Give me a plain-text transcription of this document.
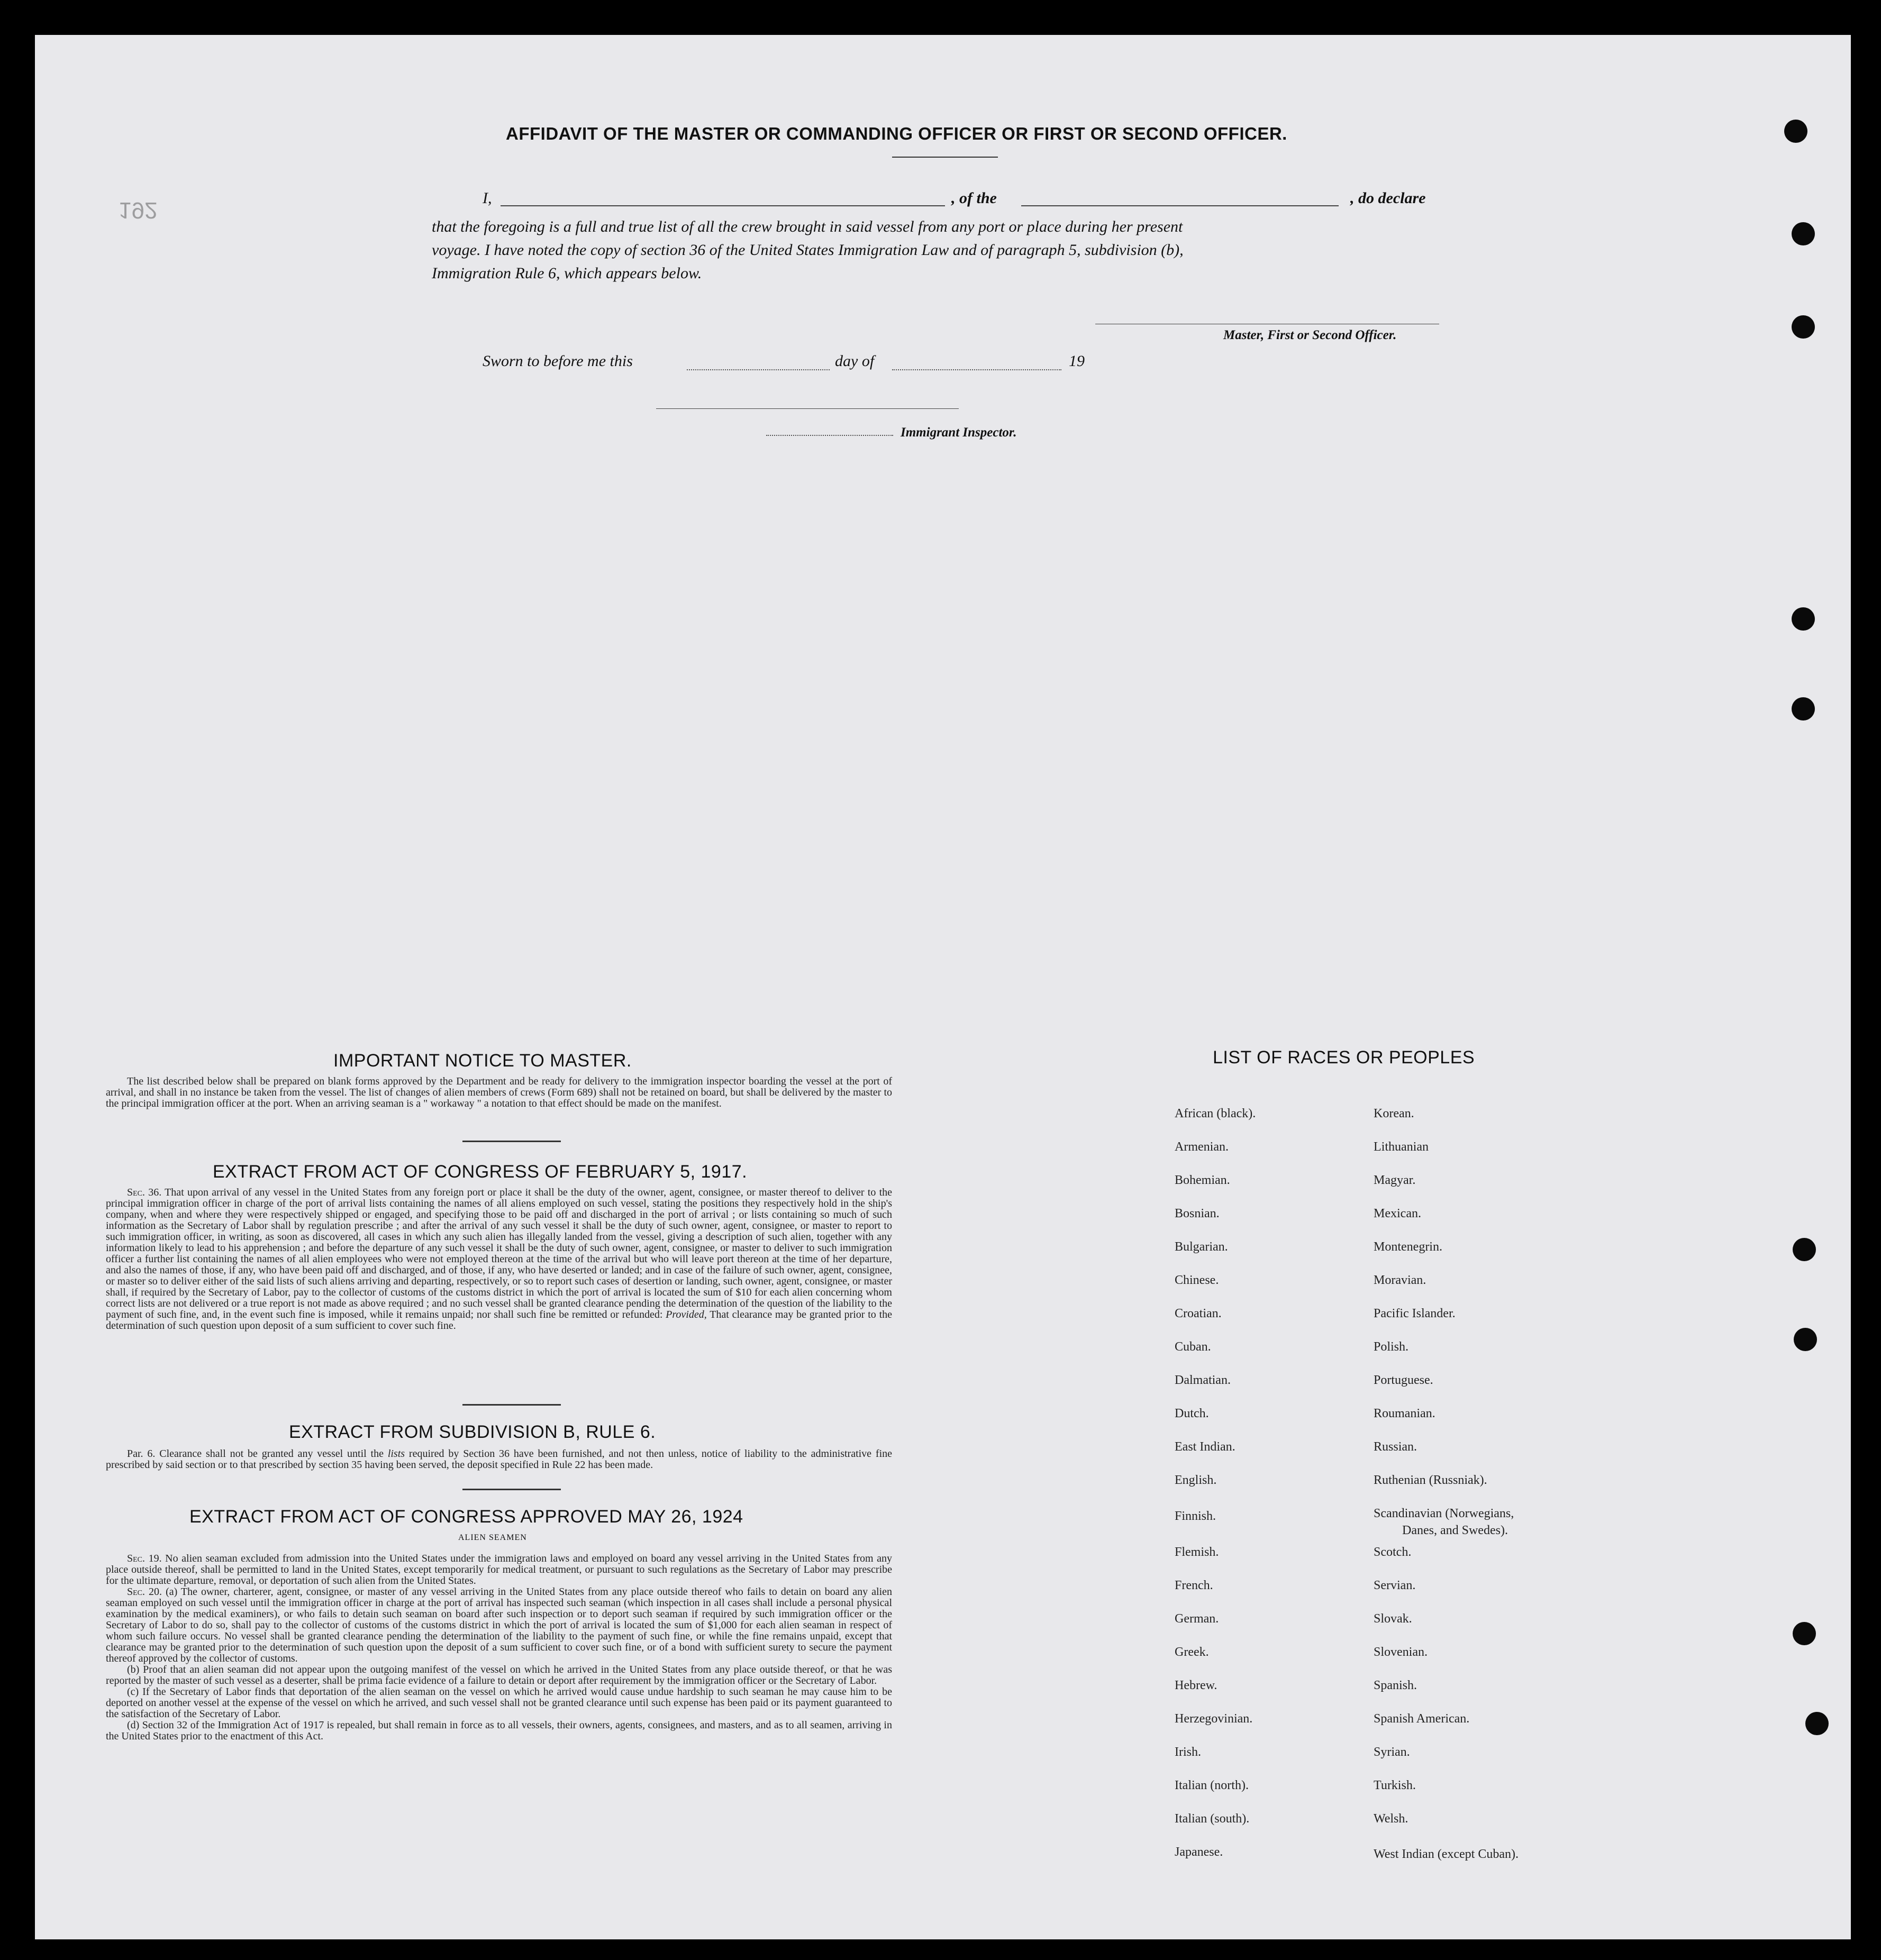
192
AFFIDAVIT OF THE MASTER OR COMMANDING OFFICER OR FIRST OR SECOND OFFICER.
I,	, of the	, do declare
that the foregoing is a full and true list of all the crew brought in said vessel from any port or place during her present
voyage. I have noted the copy of section 36 of the United States Immigration Law and of paragraph 5, subdivision (b),
Immigration Rule 6, which appears below.
Master, First or Second Officer.
Sworn to before me this	day of	19
Immigrant Inspector.
IMPORTANT NOTICE TO MASTER.
The list described below shall be prepared on blank forms approved by the Department and be ready for delivery to the immigration inspector boarding the vessel at the port of arrival, and shall in no instance be taken from the vessel. The list of changes of alien members of crews (Form 689) shall not be retained on board, but shall be delivered by the master to the principal immigration officer at the port. When an arriving seaman is a " workaway " a notation to that effect should be made on the manifest.
EXTRACT FROM ACT OF CONGRESS OF FEBRUARY 5, 1917.

Sec. 36. That upon arrival of any vessel in the United States from any foreign port or place it shall be the duty of the owner, agent, consignee, or master thereof to deliver to the principal immigration officer in charge of the port of arrival lists containing the names of all aliens employed on such vessel, stating the positions they respectively hold in the ship's company, when and where they were respectively shipped or engaged, and specifying those to be paid off and discharged in the port of arrival ; or lists containing so much of such information as the Secretary of Labor shall by regulation prescribe ; and after the arrival of any such vessel it shall be the duty of such owner, agent, consignee, or master to report to such immigration officer, in writing, as soon as discovered, all cases in which any such alien has illegally landed from the vessel, giving a description of such alien, together with any information likely to lead to his apprehension ; and before the departure of any such vessel it shall be the duty of such owner, agent, consignee, or master to deliver to such immigration officer a further list containing the names of all alien employees who were not employed thereon at the time of the arrival but who will leave port thereon at the time of her departure, and also the names of those, if any, who have been paid off and discharged, and of those, if any, who have deserted or landed; and in case of the failure of such owner, agent, consignee, or master so to deliver either of the said lists of such aliens arriving and departing, respectively, or so to report such cases of desertion or landing, such owner, agent, consignee, or master shall, if required by the Secretary of Labor, pay to the collector of customs of the customs district in which the port of arrival is located the sum of $10 for each alien concerning whom correct lists are not delivered or a true report is not made as above required ; and no such vessel shall be granted clearance pending the determination of the question of the liability to the payment of such fine, and, in the event such fine is imposed, while it remains unpaid; nor shall such fine be remitted or refunded: Provided, That clearance may be granted prior to the determination of such question upon deposit of a sum sufficient to cover such fine.

EXTRACT FROM SUBDIVISION B, RULE 6.

Par. 6. Clearance shall not be granted any vessel until the lists required by Section 36 have been furnished, and not then unless, notice of liability to the administrative fine prescribed by said section or to that prescribed by section 35 having been served, the deposit specified in Rule 22 has been made.

EXTRACT FROM ACT OF CONGRESS APPROVED MAY 26, 1924
ALIEN SEAMEN

Sec. 19. No alien seaman excluded from admission into the United States under the immigration laws and employed on board any vessel arriving in the United States from any place outside thereof, shall be permitted to land in the United States, except temporarily for medical treatment, or pursuant to such regulations as the Secretary of Labor may prescribe for the ultimate departure, removal, or deportation of such alien from the United States.

Sec. 20. (a) The owner, charterer, agent, consignee, or master of any vessel arriving in the United States from any place outside thereof who fails to detain on board any alien seaman employed on such vessel until the immigration officer in charge at the port of arrival has inspected such seaman (which inspection in all cases shall include a personal physical examination by the medical examiners), or who fails to detain such seaman on board after such inspection or to deport such seaman if required by such immigration officer or the Secretary of Labor to do so, shall pay to the collector of customs of the customs district in which the port of arrival is located the sum of $1,000 for each alien seaman in respect of whom such failure occurs. No vessel shall be granted clearance pending the determination of the liability to the payment of such fine, or while the fine remains unpaid, except that clearance may be granted prior to the determination of such question upon the deposit of a sum sufficient to cover such fine, or of a bond with sufficient surety to secure the payment thereof approved by the collector of customs.

(b) Proof that an alien seaman did not appear upon the outgoing manifest of the vessel on which he arrived in the United States from any place outside thereof, or that he was reported by the master of such vessel as a deserter, shall be prima facie evidence of a failure to detain or deport after requirement by the immigration officer or the Secretary of Labor.

(c) If the Secretary of Labor finds that deportation of the alien seaman on the vessel on which he arrived would cause undue hardship to such seaman he may cause him to be deported on another vessel at the expense of the vessel on which he arrived, and such vessel shall not be granted clearance until such expense has been paid or its payment guaranteed to the satisfaction of the Secretary of Labor.

(d) Section 32 of the Immigration Act of 1917 is repealed, but shall remain in force as to all vessels, their owners, agents, consignees, and masters, and as to all seamen, arriving in the United States prior to the enactment of this Act.

LIST OF RACES OR PEOPLES
African (black).
Armenian.
Bohemian.
Bosnian.
Bulgarian.
Chinese.
Croatian.
Cuban.
Dalmatian.
Dutch.
East Indian.
English.
Finnish.
Flemish.
French.
German.
Greek.
Hebrew.
Herzegovinian.
Irish.
Italian (north).
Italian (south).
Japanese.
Korean.
Lithuanian
Magyar.
Mexican.
Montenegrin.
Moravian.
Pacific Islander.
Polish.
Portuguese.
Roumanian.
Russian.
Ruthenian (Russniak).
Scandinavian (Norwegians,
Danes, and Swedes).
Scotch.
Servian.
Slovak.
Slovenian.
Spanish.
Spanish American.
Syrian.
Turkish.
Welsh.
West Indian (except Cuban).
